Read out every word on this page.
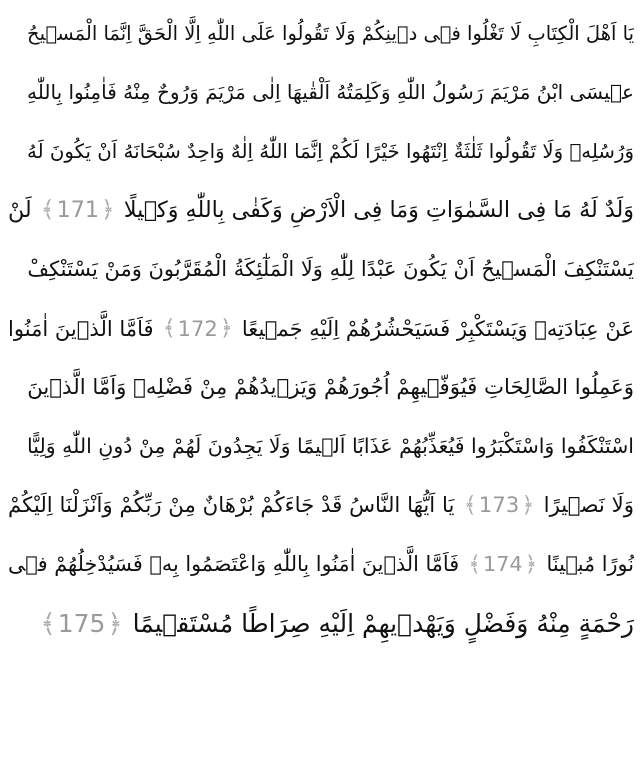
يَا اَهْلَ الْكِتَابِ لَا تَغْلُوا فٖى دٖينِكُمْ وَلَا تَقُولُوا عَلَى اللّٰهِ اِلَّا الْحَقَّ اِنَّمَا الْمَسٖيحُ
عٖيسَى ابْنُ مَرْيَمَ رَسُولُ اللّٰهِ وَكَلِمَتُهُ اَلْقٰيهَا اِلٰى مَرْيَمَ وَرُوحٌ مِنْهُ فَاٰمِنُوا بِاللّٰهِ
وَرُسُلِهٖ وَلَا تَقُولُوا ثَلٰثَةٌ اِنْتَهُوا خَيْرًا لَكُمْ اِنَّمَا اللّٰهُ اِلٰهٌ وَاحِدٌ سُبْحَانَهُ اَنْ يَكُونَ لَهُ
وَلَدٌ لَهُ مَا فِى السَّمٰوَاتِ وَمَا فِى الْاَرْضِ وَكَفٰى بِاللّٰهِ وَكٖيلًا
﴾ 171 ﴿
لَنْ
يَسْتَنْكِفَ الْمَسٖيحُ اَنْ يَكُونَ عَبْدًا لِلّٰهِ وَلَا الْمَلٰٓئِكَةُ الْمُقَرَّبُونَ وَمَنْ يَسْتَنْكِفْ
عَنْ عِبَادَتِهٖ وَيَسْتَكْبِرْ فَسَيَحْشُرُهُمْ اِلَيْهِ جَمٖيعًا
﴾ 172 ﴿
فَاَمَّا الَّذٖينَ اٰمَنُوا
وَعَمِلُوا الصَّالِحَاتِ فَيُوَفّٖيهِمْ اُجُورَهُمْ وَيَزٖيدُهُمْ مِنْ فَضْلِهٖ وَاَمَّا الَّذٖينَ
اسْتَنْكَفُوا وَاسْتَكْبَرُوا فَيُعَذِّبُهُمْ عَذَابًا اَلٖيمًا وَلَا يَجِدُونَ لَهُمْ مِنْ دُونِ اللّٰهِ وَلِيًّا
وَلَا نَصٖيرًا
﴾ 173 ﴿
يَا اَيُّهَا النَّاسُ قَدْ جَاءَكُمْ بُرْهَانٌ مِنْ رَبِّكُمْ وَاَنْزَلْنَا اِلَيْكُمْ
نُورًا مُبٖينًا
﴾ 174 ﴿
فَاَمَّا الَّذٖينَ اٰمَنُوا بِاللّٰهِ وَاعْتَصَمُوا بِهٖ فَسَيُدْخِلُهُمْ فٖى
رَحْمَةٍ مِنْهُ وَفَضْلٍ وَيَهْدٖيهِمْ اِلَيْهِ صِرَاطًا مُسْتَقٖيمًا
﴾ 175 ﴿
